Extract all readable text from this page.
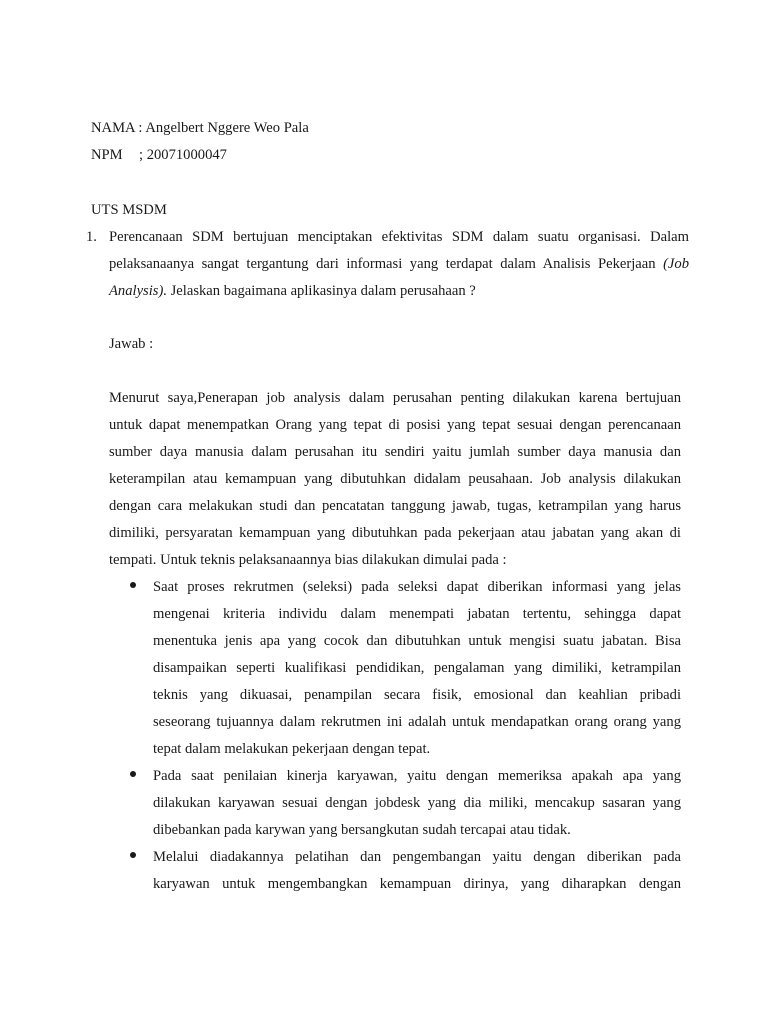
NAMA : Angelbert Nggere Weo Pala
NPM ; 20071000047
UTS MSDM
1. Perencanaan SDM bertujuan menciptakan efektivitas SDM dalam suatu organisasi. Dalam
pelaksanaanya sangat tergantung dari informasi yang terdapat dalam Analisis Pekerjaan (Job
Analysis). Jelaskan bagaimana aplikasinya dalam perusahaan ?
Jawab :
Menurut saya,Penerapan job analysis dalam perusahan penting dilakukan karena bertujuan
untuk dapat menempatkan Orang yang tepat di posisi yang tepat sesuai dengan perencanaan
sumber daya manusia dalam perusahan itu sendiri yaitu jumlah sumber daya manusia dan
keterampilan atau kemampuan yang dibutuhkan didalam peusahaan. Job analysis dilakukan
dengan cara melakukan studi dan pencatatan tanggung jawab, tugas, ketrampilan yang harus
dimiliki, persyaratan kemampuan yang dibutuhkan pada pekerjaan atau jabatan yang akan di
tempati. Untuk teknis pelaksanaannya bias dilakukan dimulai pada :
Saat proses rekrutmen (seleksi) pada seleksi dapat diberikan informasi yang jelas
mengenai kriteria individu dalam menempati jabatan tertentu, sehingga dapat
menentuka jenis apa yang cocok dan dibutuhkan untuk mengisi suatu jabatan. Bisa
disampaikan seperti kualifikasi pendidikan, pengalaman yang dimiliki, ketrampilan
teknis yang dikuasai, penampilan secara fisik, emosional dan keahlian pribadi
seseorang tujuannya dalam rekrutmen ini adalah untuk mendapatkan orang orang yang
tepat dalam melakukan pekerjaan dengan tepat.
Pada saat penilaian kinerja karyawan, yaitu dengan memeriksa apakah apa yang
dilakukan karyawan sesuai dengan jobdesk yang dia miliki, mencakup sasaran yang
dibebankan pada karywan yang bersangkutan sudah tercapai atau tidak.
Melalui diadakannya pelatihan dan pengembangan yaitu dengan diberikan pada
karyawan untuk mengembangkan kemampuan dirinya, yang diharapkan dengan
